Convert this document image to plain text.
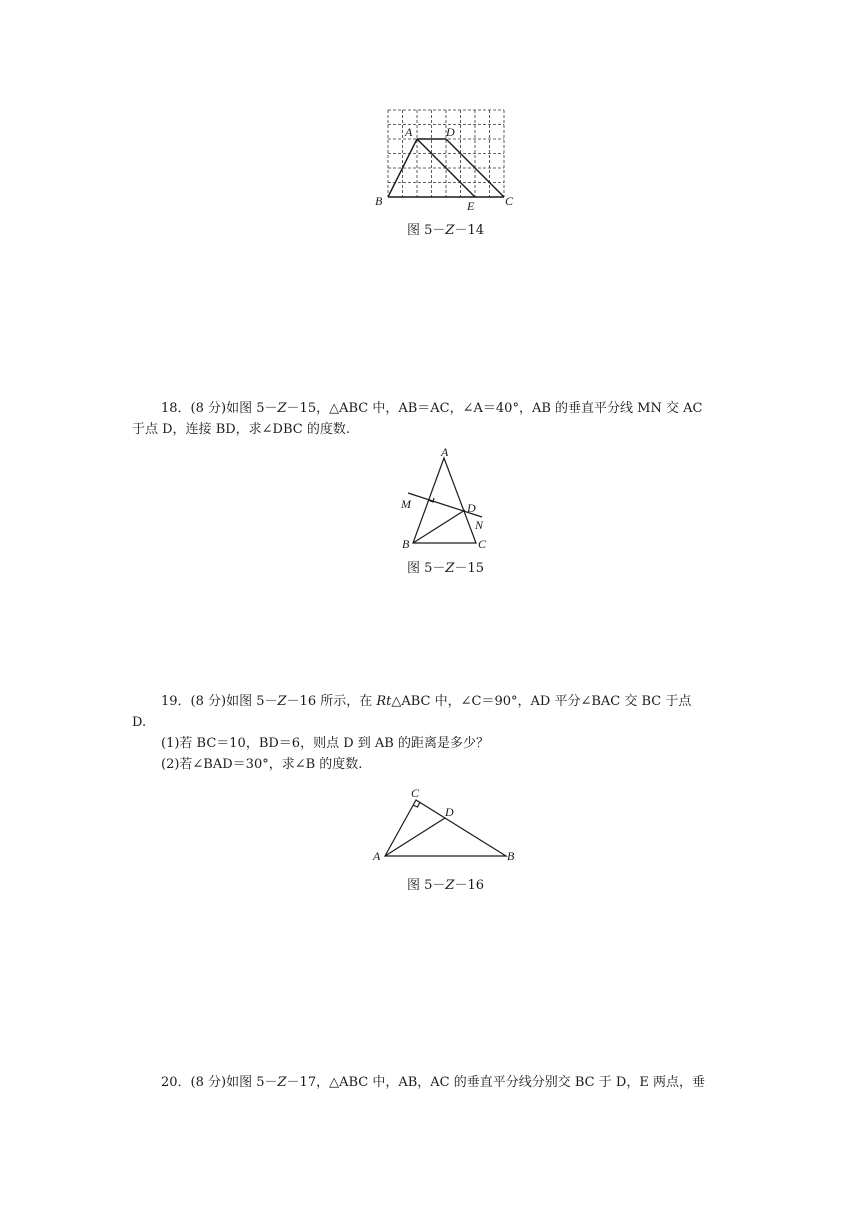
A	D
B	E	C
图 5－Z－14
18．(8 分)如图 5－Z－15，△ABC 中，AB＝AC，∠A＝40°，AB 的垂直平分线 MN 交 AC
于点 D，连接 BD，求∠DBC 的度数.
A
M	D
N
B	C
图 5－Z－15
19．(8 分)如图 5－Z－16 所示，在 Rt△ABC 中，∠C＝90°，AD 平分∠BAC 交 BC 于点
D.
(1)若 BC＝10，BD＝6，则点 D 到 AB 的距离是多少？
(2)若∠BAD＝30°，求∠B 的度数.
C
D
A	B
图 5－Z－16
20．(8 分)如图 5－Z－17，△ABC 中，AB，AC 的垂直平分线分别交 BC 于 D，E 两点，垂
